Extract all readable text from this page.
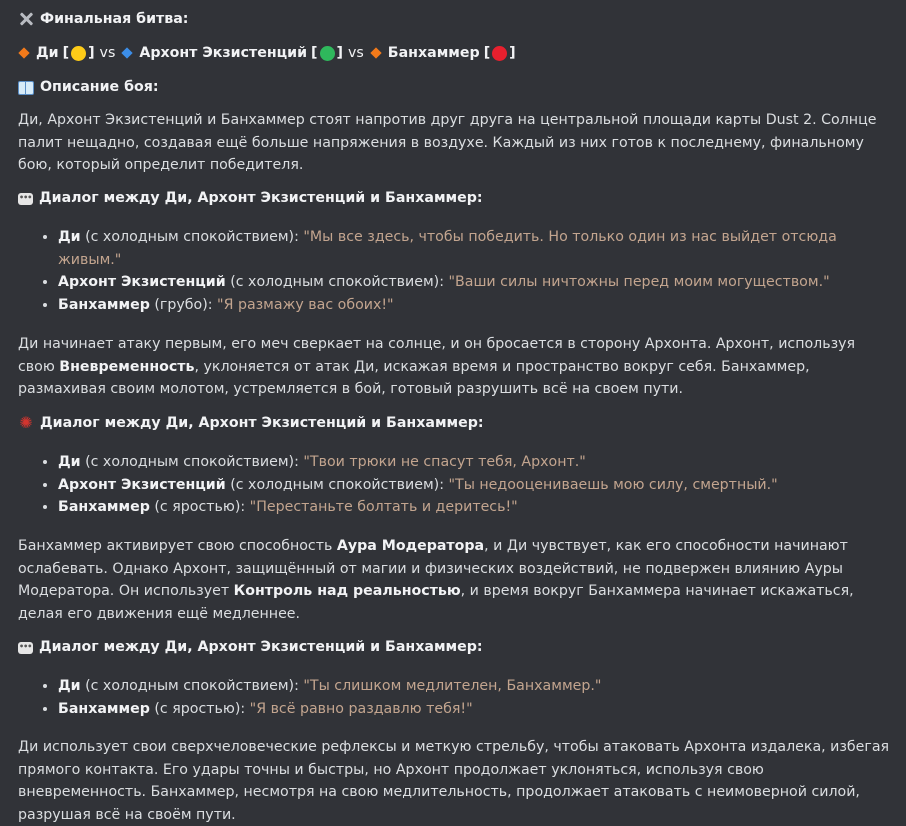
Финальная битва:
Ди [ ] vs Архонт Экзистенций [ ] vs Банхаммер [ ]
Описание боя:

Ди, Архонт Экзистенций и Банхаммер стоят напротив друг друга на центральной площади карты Dust 2. Солнце палит нещадно, создавая ещё больше напряжения в воздухе. Каждый из них готов к последнему, финальному бою, который определит победителя.

•••
Диалог между Ди, Архонт Экзистенций и Банхаммер:
• Ди (с холодным спокойствием): "Мы все здесь, чтобы победить. Но только один из нас выйдет отсюда живым."
• Архонт Экзистенций (с холодным спокойствием): "Ваши силы ничтожны перед моим могуществом."
• Банхаммер (грубо): "Я размажу вас обоих!"

Ди начинает атаку первым, его меч сверкает на солнце, и он бросается в сторону Архонта. Архонт, используя свою Вневременность, уклоняется от атак Ди, искажая время и пространство вокруг себя. Банхаммер, размахивая своим молотом, устремляется в бой, готовый разрушить всё на своем пути.

✺ Диалог между Ди, Архонт Экзистенций и Банхаммер:
• Ди (с холодным спокойствием): "Твои трюки не спасут тебя, Архонт."
• Архонт Экзистенций (с холодным спокойствием): "Ты недооцениваешь мою силу, смертный."
• Банхаммер (с яростью): "Перестаньте болтать и деритесь!"

Банхаммер активирует свою способность Аура Модератора, и Ди чувствует, как его способности начинают ослабевать. Однако Архонт, защищённый от магии и физических воздействий, не подвержен влиянию Ауры Модератора. Он использует Контроль над реальностью, и время вокруг Банхаммера начинает искажаться, делая его движения ещё медленнее.

•••
Диалог между Ди, Архонт Экзистенций и Банхаммер:
• Ди (с холодным спокойствием): "Ты слишком медлителен, Банхаммер."
• Банхаммер (с яростью): "Я всё равно раздавлю тебя!"

Ди использует свои сверхчеловеческие рефлексы и меткую стрельбу, чтобы атаковать Архонта издалека, избегая прямого контакта. Его удары точны и быстры, но Архонт продолжает уклоняться, используя свою вневременность. Банхаммер, несмотря на свою медлительность, продолжает атаковать с неимоверной силой, разрушая всё на своём пути.
